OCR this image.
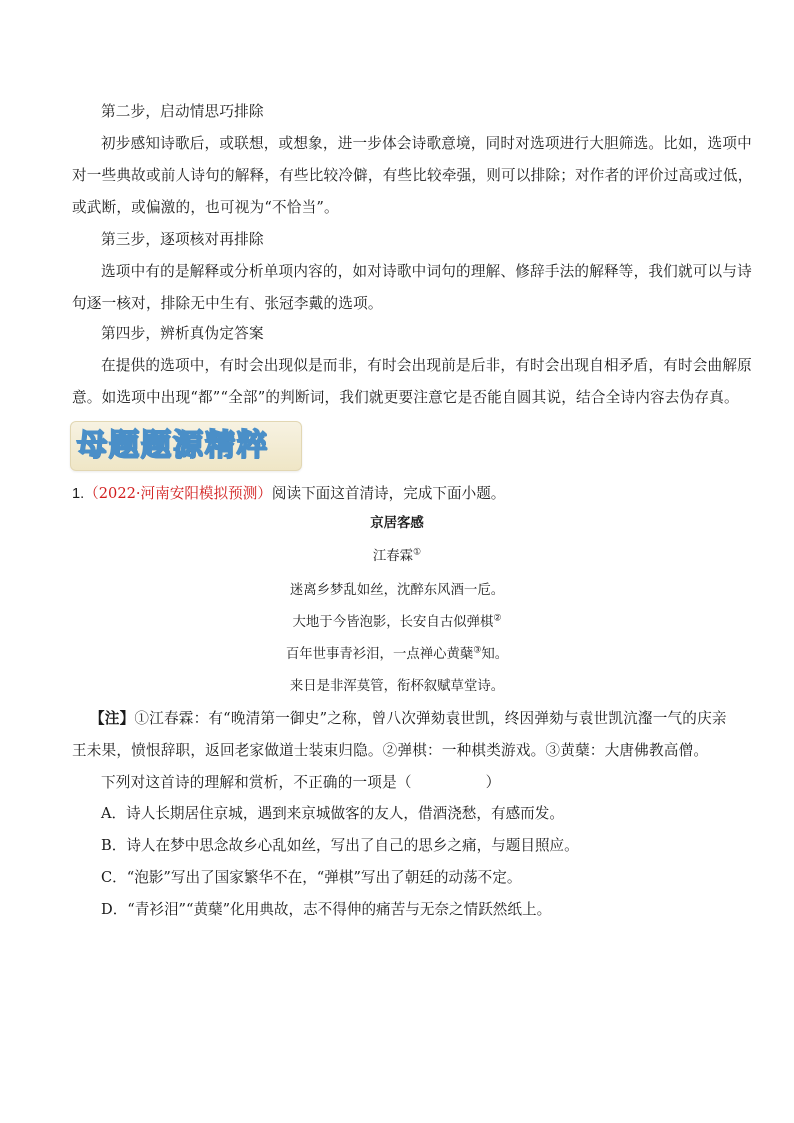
第二步，启动情思巧排除
初步感知诗歌后，或联想，或想象，进一步体会诗歌意境，同时对选项进行大胆筛选。比如，选项中
对一些典故或前人诗句的解释，有些比较冷僻，有些比较牵强，则可以排除；对作者的评价过高或过低，
或武断，或偏激的，也可视为“不恰当”。
第三步，逐项核对再排除
选项中有的是解释或分析单项内容的，如对诗歌中词句的理解、修辞手法的解释等，我们就可以与诗
句逐一核对，排除无中生有、张冠李戴的选项。
第四步，辨析真伪定答案
在提供的选项中，有时会出现似是而非，有时会出现前是后非，有时会出现自相矛盾，有时会曲解原
意。如选项中出现“都”“全部”的判断词，我们就更要注意它是否能自圆其说，结合全诗内容去伪存真。
母题题源精粹
1.（2022·河南安阳模拟预测）阅读下面这首清诗，完成下面小题。
京居客感
江春霖①
迷离乡梦乱如丝，沈醉东风酒一卮。
大地于今皆泡影，长安自古似弹棋②
百年世事青衫泪，一点禅心黄蘖③知。
来日是非浑莫管，衔杯叙赋草堂诗。
【注】①江春霖：有“晚清第一御史”之称，曾八次弹劾袁世凯，终因弹劾与袁世凯沆瀣一气的庆亲
王未果，愤恨辞职，返回老家做道士装束归隐。②弹棋：一种棋类游戏。③黄蘖：大唐佛教高僧。
下列对这首诗的理解和赏析，不正确的一项是（　　　　　）
A．诗人长期居住京城，遇到来京城做客的友人，借酒浇愁，有感而发。
B．诗人在梦中思念故乡心乱如丝，写出了自己的思乡之痛，与题目照应。
C．“泡影”写出了国家繁华不在，“弹棋”写出了朝廷的动荡不定。
D．“青衫泪”“黄蘖”化用典故，志不得伸的痛苦与无奈之情跃然纸上。
